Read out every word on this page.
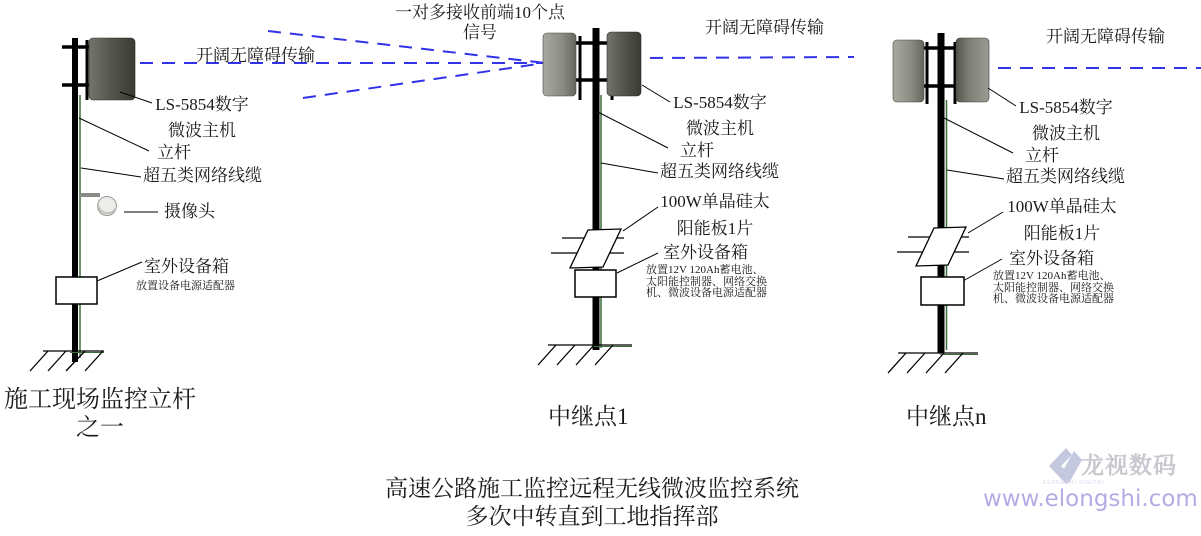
开阔无障碍传输
开阔无障碍传输	开阔无障碍传输
一对多接收前端10个点
信号
LS-5854数字
微波主机
LS-5854数字
微波主机
LS-5854数字
微波主机
立杆	立杆	立杆
超五类网络线缆	超五类网络线缆	超五类网络线缆
摄像头
100W单晶硅太
阳能板1片
100W单晶硅太
阳能板1片
室外设备箱
放置设备电源适配器
室外设备箱
放置12V 120Ah蓄电池、
太阳能控制器、网络交换
机、微波设备电源适配器
室外设备箱
放置12V 120Ah蓄电池、
太阳能控制器、网络交换
机、微波设备电源适配器
施工现场监控立杆
之一	中继点1	中继点n
高速公路施工监控远程无线微波监控系统
多次中转直到工地指挥部
龙视数码
ELONGSHI DIGITAL
www.elongshi.com
